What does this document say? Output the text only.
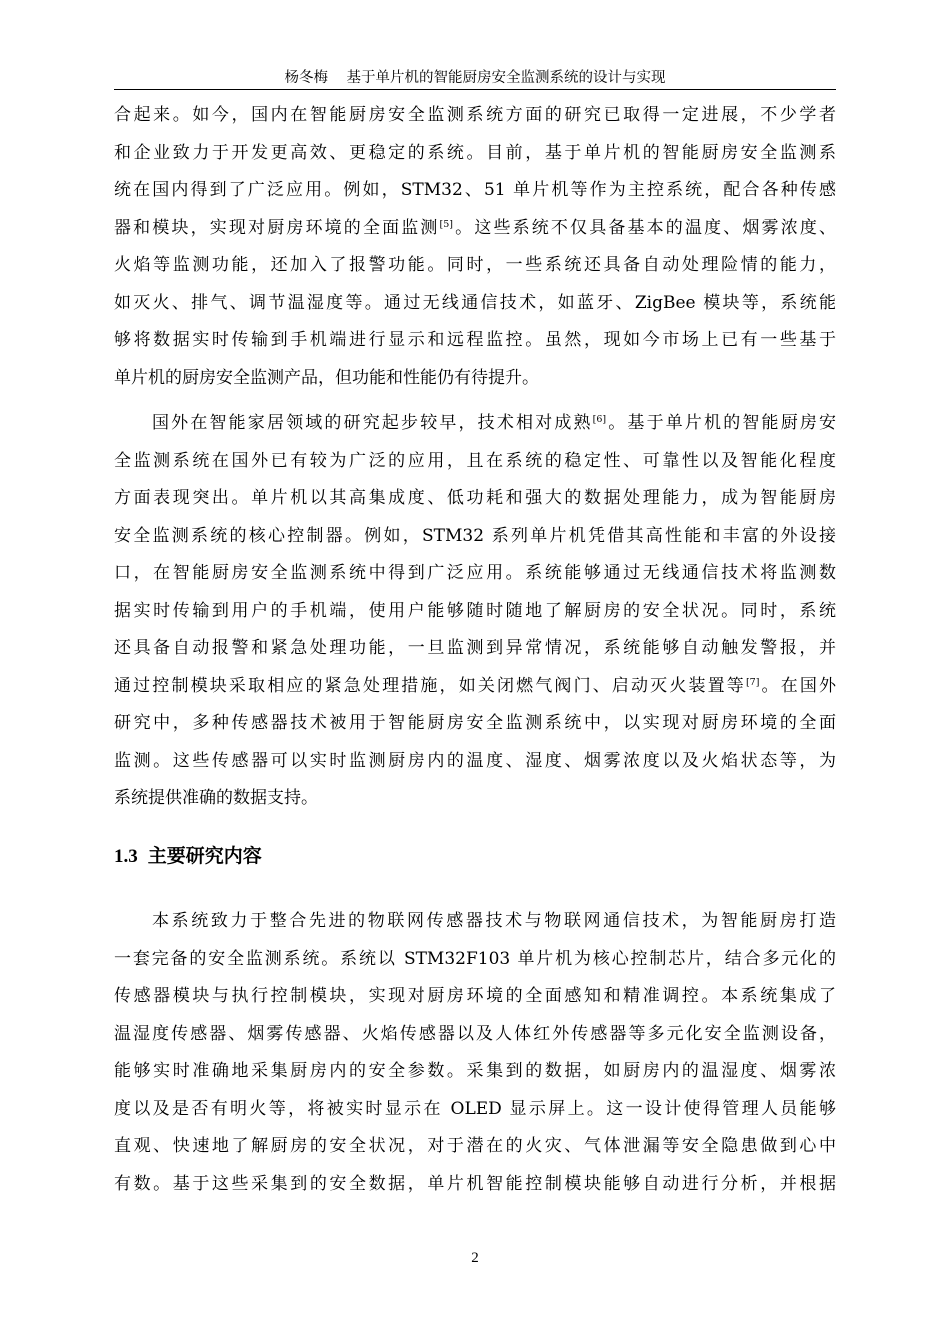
杨冬梅    基于单片机的智能厨房安全监测系统的设计与实现
合起来。如今，国内在智能厨房安全监测系统方面的研究已取得一定进展，不少学者
和企业致力于开发更高效、更稳定的系统。目前，基于单片机的智能厨房安全监测系
统在国内得到了广泛应用。例如，STM32、51 单片机等作为主控系统，配合各种传感
器和模块，实现对厨房环境的全面监测[5]。这些系统不仅具备基本的温度、烟雾浓度、
火焰等监测功能，还加入了报警功能。同时，一些系统还具备自动处理险情的能力，
如灭火、排气、调节温湿度等。通过无线通信技术，如蓝牙、ZigBee 模块等，系统能
够将数据实时传输到手机端进行显示和远程监控。虽然，现如今市场上已有一些基于
单片机的厨房安全监测产品，但功能和性能仍有待提升。
国外在智能家居领域的研究起步较早，技术相对成熟[6]。基于单片机的智能厨房安
全监测系统在国外已有较为广泛的应用，且在系统的稳定性、可靠性以及智能化程度
方面表现突出。单片机以其高集成度、低功耗和强大的数据处理能力，成为智能厨房
安全监测系统的核心控制器。例如，STM32 系列单片机凭借其高性能和丰富的外设接
口，在智能厨房安全监测系统中得到广泛应用。系统能够通过无线通信技术将监测数
据实时传输到用户的手机端，使用户能够随时随地了解厨房的安全状况。同时，系统
还具备自动报警和紧急处理功能，一旦监测到异常情况，系统能够自动触发警报，并
通过控制模块采取相应的紧急处理措施，如关闭燃气阀门、启动灭火装置等[7]。在国外
研究中，多种传感器技术被用于智能厨房安全监测系统中，以实现对厨房环境的全面
监测。这些传感器可以实时监测厨房内的温度、湿度、烟雾浓度以及火焰状态等，为
系统提供准确的数据支持。
1.3 主要研究内容
本系统致力于整合先进的物联网传感器技术与物联网通信技术，为智能厨房打造
一套完备的安全监测系统。系统以 STM32F103 单片机为核心控制芯片，结合多元化的
传感器模块与执行控制模块，实现对厨房环境的全面感知和精准调控。本系统集成了
温湿度传感器、烟雾传感器、火焰传感器以及人体红外传感器等多元化安全监测设备，
能够实时准确地采集厨房内的安全参数。采集到的数据，如厨房内的温湿度、烟雾浓
度以及是否有明火等，将被实时显示在 OLED 显示屏上。这一设计使得管理人员能够
直观、快速地了解厨房的安全状况，对于潜在的火灾、气体泄漏等安全隐患做到心中
有数。基于这些采集到的安全数据，单片机智能控制模块能够自动进行分析，并根据
2
